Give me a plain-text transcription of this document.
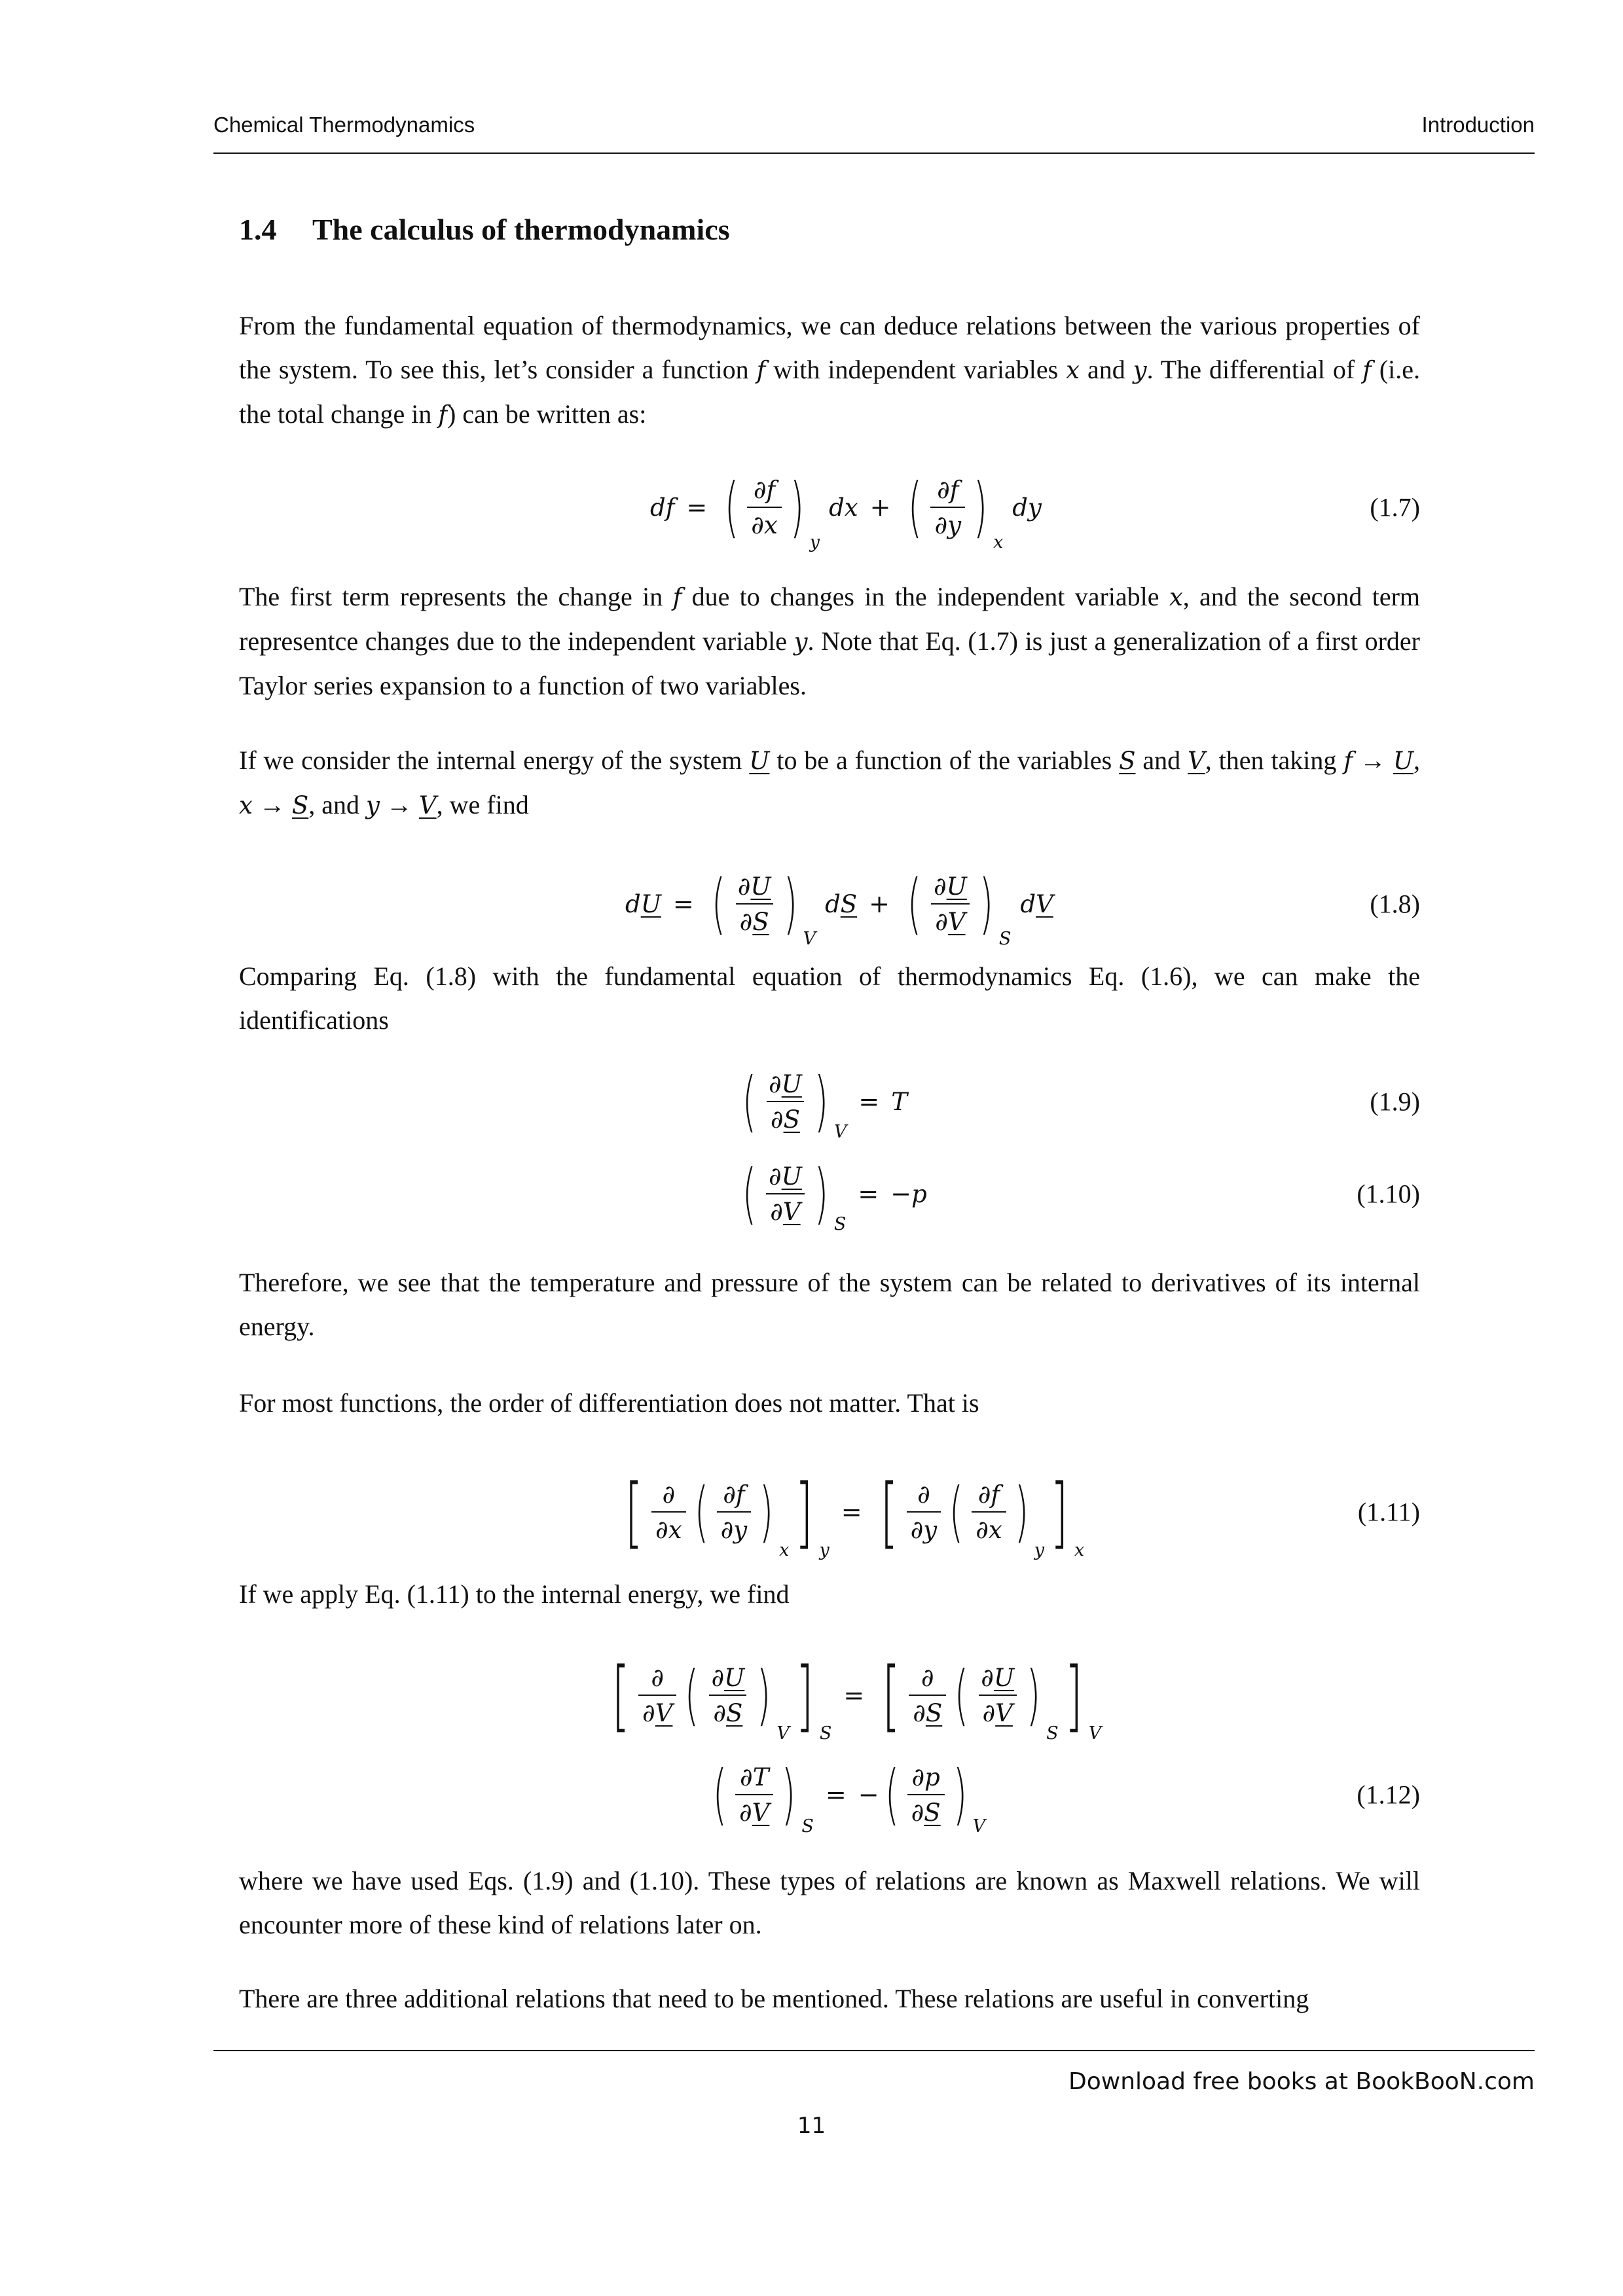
Chemical Thermodynamics	Introduction
1.4 The calculus of thermodynamics
From the fundamental equation of thermodynamics, we can deduce relations between the various properties of the system. To see this, let’s consider a function f with independent variables x and y. The differential of f (i.e. the total change in f) can be written as:
d f = ( $\frac{\partial f}{\partial x}$ ) y
d x + ( $\frac{\partial f}{\partial y}$ ) x
d y	(1.7)
The first term represents the change in f due to changes in the independent variable x, and the second term representce changes due to the independent variable y. Note that Eq. (1.7) is just a generalization of a first order Taylor series expansion to a function of two variables.
If we consider the internal energy of the system U to be a function of the variables S and V, then taking f → U, x → S, and y → V, we find
d U = ( $\frac{\partial U}{\partial S}$ ) V
d S + ( $\frac{\partial U}{\partial V}$ ) S
d V	(1.8)
Comparing Eq. (1.8) with the fundamental equation of thermodynamics Eq. (1.6), we can make the identifications
( $\frac{\partial U}{\partial S}$ ) V
= T	(1.9)
( $\frac{\partial U}{\partial V}$ ) S
= − p	(1.10)
Therefore, we see that the temperature and pressure of the system can be related to derivatives of its internal energy.
For most functions, the order of differentiation does not matter. That is
[ $\frac{\partial}{\partial x}$ ( $\frac{\partial f}{\partial y}$ )
x ] y
= [ $\frac{\partial}{\partial y}$ ( $\frac{\partial f}{\partial x}$ )
y ] x
(1.11)
If we apply Eq. (1.11) to the internal energy, we find
[ $\frac{\partial}{\partial V}$ ( $\frac{\partial U}{\partial S}$ )
V ] S
= [ $\frac{\partial}{\partial S}$ ( $\frac{\partial U}{\partial V}$ )
S ] V
( $\frac{\partial T}{\partial V}$ ) S
= − ( $\frac{\partial p}{\partial S}$ ) V
(1.12)
where we have used Eqs. (1.9) and (1.10). These types of relations are known as Maxwell relations. We will encounter more of these kind of relations later on.
There are three additional relations that need to be mentioned. These relations are useful in converting
Download free books at BookBooN.com
11
